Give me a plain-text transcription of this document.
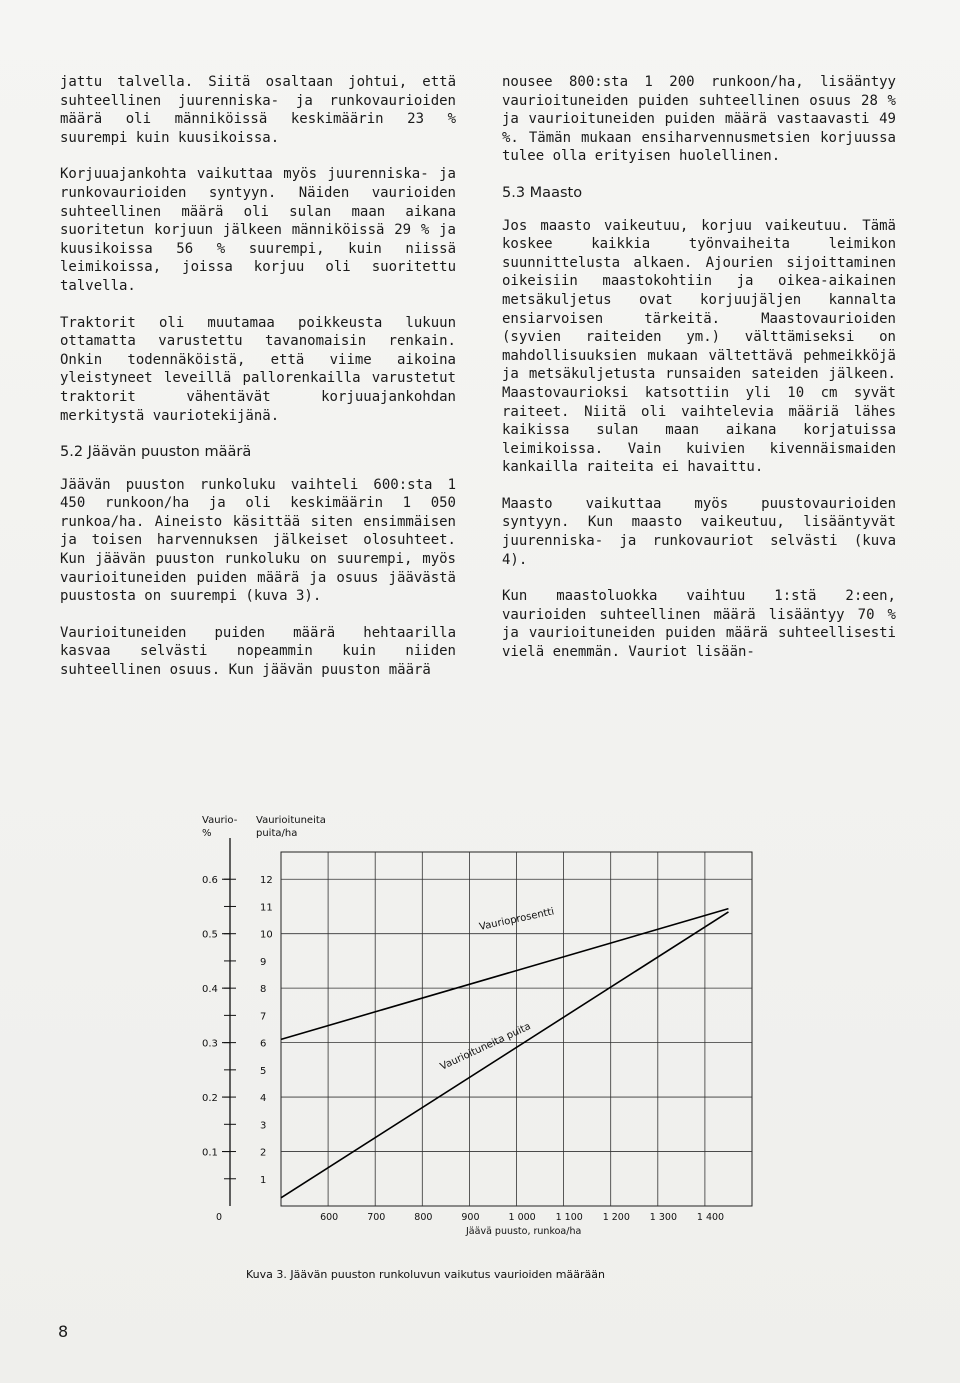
jattu talvella. Siitä osaltaan johtui, että suhteellinen juurenniska- ja runkovaurioiden määrä oli männiköissä keskimäärin 23 % suurempi kuin kuusikoissa.

Korjuuajankohta vaikuttaa myös juurenniska- ja runkovaurioiden syntyyn. Näiden vaurioiden suhteellinen määrä oli sulan maan aikana suoritetun korjuun jälkeen männiköissä 29 % ja kuusikoissa 56 % suurempi, kuin niissä leimikoissa, joissa korjuu oli suoritettu talvella.

Traktorit oli muutamaa poikkeusta lukuun ottamatta varustettu tavanomaisin renkain. Onkin todennäköistä, että viime aikoina yleistyneet leveillä pallorenkailla varustetut traktorit vähentävät korjuuajankohdan merkitystä vauriotekijänä.

5.2 Jäävän puuston määrä

Jäävän puuston runkoluku vaihteli 600:sta 1 450 runkoon/ha ja oli keskimäärin 1 050 runkoa/ha. Aineisto käsittää siten ensimmäisen ja toisen harvennuksen jälkeiset olosuhteet. Kun jäävän puuston runkoluku on suurempi, myös vaurioituneiden puiden määrä ja osuus jäävästä puustosta on suurempi (kuva 3).

Vaurioituneiden puiden määrä hehtaarilla kasvaa selvästi nopeammin kuin niiden suhteellinen osuus. Kun jäävän puuston määrä

nousee 800:sta 1 200 runkoon/ha, lisääntyy vaurioituneiden puiden suhteellinen osuus 28 % ja vaurioituneiden puiden määrä vastaavasti 49 %. Tämän mukaan ensiharvennusmetsien korjuussa tulee olla erityisen huolellinen.

5.3 Maasto

Jos maasto vaikeutuu, korjuu vaikeutuu. Tämä koskee kaikkia työnvaiheita leimikon suunnittelusta alkaen. Ajourien sijoittaminen oikeisiin maastokohtiin ja oikea-aikainen metsäkuljetus ovat korjuujäljen kannalta ensiarvoisen tärkeitä. Maastovaurioiden (syvien raiteiden ym.) välttämiseksi on mahdollisuuksien mukaan vältettävä pehmeikköjä ja metsäkuljetusta runsaiden sateiden jälkeen. Maastovaurioksi katsottiin yli 10 cm syvät raiteet. Niitä oli vaihtelevia määriä lähes kaikissa sulan maan aikana korjatuissa leimikoissa. Vain kuivien kivennäismaiden kankailla raiteita ei havaittu.

Maasto vaikuttaa myös puustovaurioiden syntyyn. Kun maasto vaikeutuu, lisääntyvät juurenniska- ja runkovauriot selvästi (kuva 4).

Kun maastoluokka vaihtuu 1:stä 2:een, vaurioiden suhteellinen määrä lisääntyy 70 % ja vaurioituneiden puiden määrä suhteellisesti vielä enemmän. Vauriot lisään-

Vaurio-
%
Vaurioituneita
puita/ha
1
2
3
4
5
6
7
8
9
10
11
12
0.1
0.2
0.3
0.4
0.5
0.6
0	600	700	800	900	1 000 1 100 1 200 1 300 1 400
Jäävä puusto, runkoa/ha
Vaurioprosentti
Vaurioituneita puita
Kuva 3. Jäävän puuston runkoluvun vaikutus vaurioiden määrään
8
